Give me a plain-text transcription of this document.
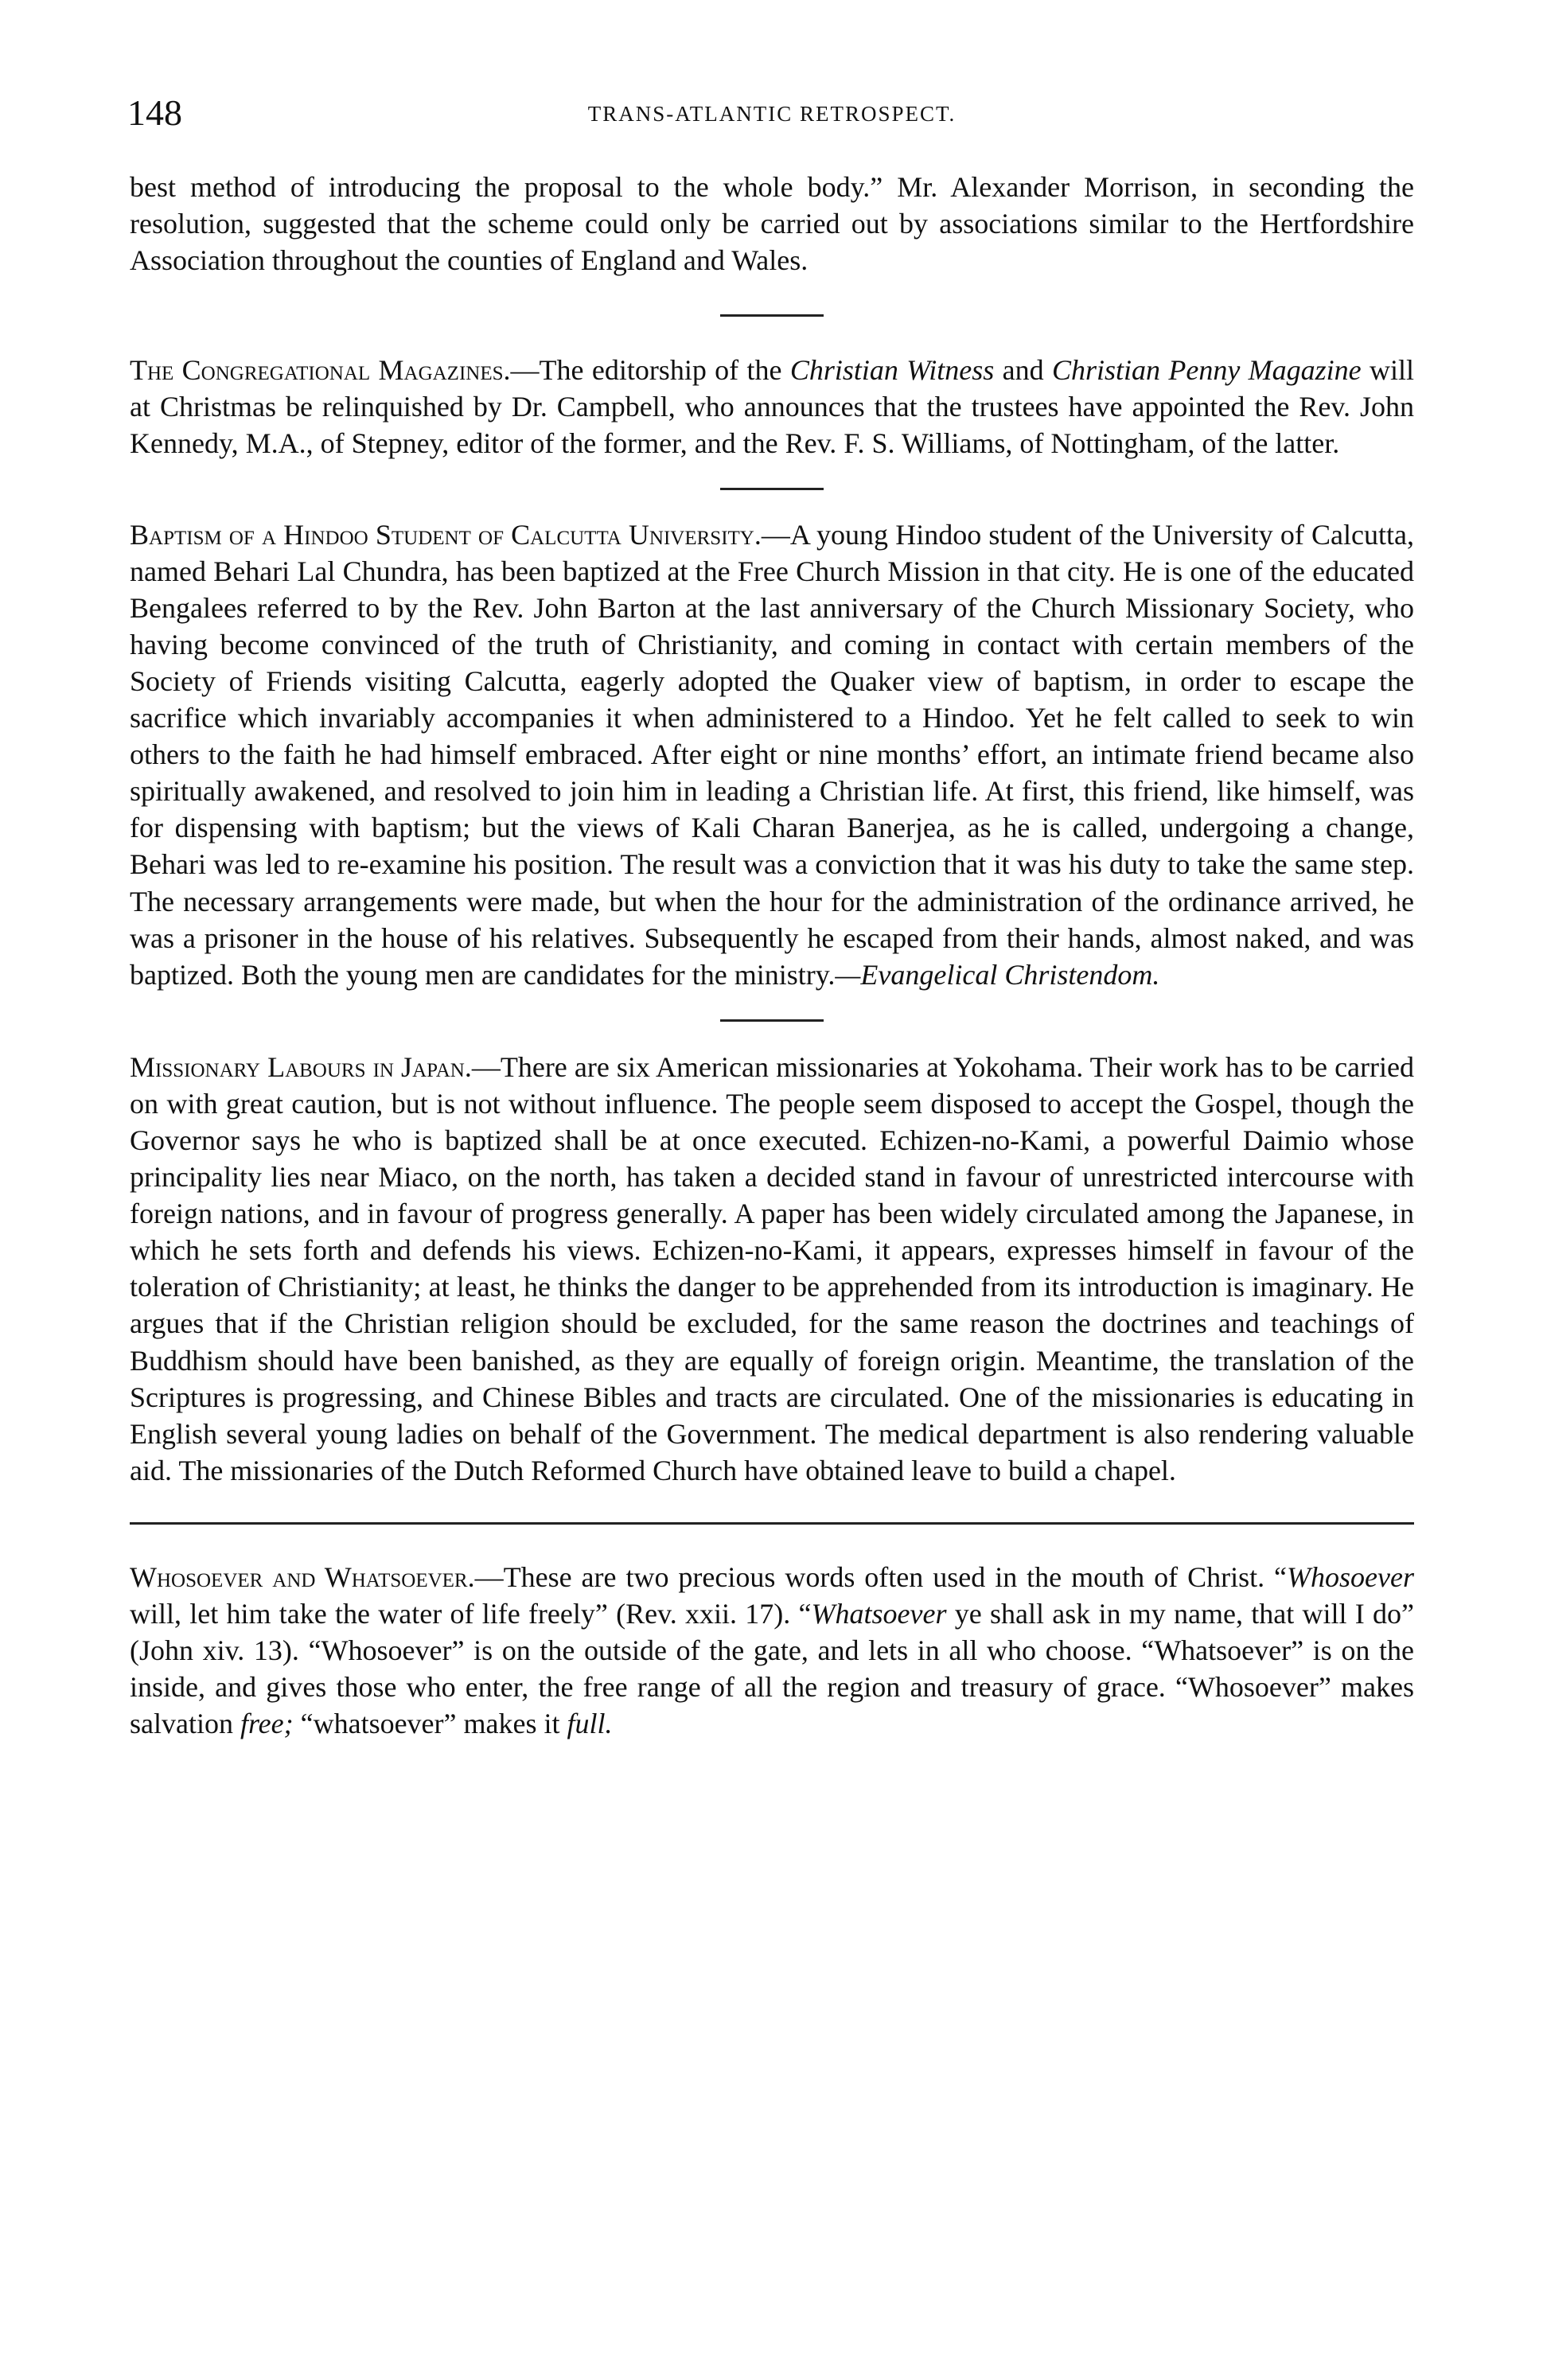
148	TRANS-ATLANTIC RETROSPECT.

best method of introducing the proposal to the whole body.” Mr. Alexander Morrison, in seconding the resolution, suggested that the scheme could only be carried out by associations similar to the Hertfordshire Association throughout the counties of England and Wales.

The Congregational Magazines.—The editorship of the Christian Witness and Christian Penny Magazine will at Christmas be relinquished by Dr. Campbell, who announces that the trustees have appointed the Rev. John Kennedy, M.A., of Stepney, editor of the former, and the Rev. F. S. Williams, of Nottingham, of the latter.

Baptism of a Hindoo Student of Calcutta University.—A young Hindoo student of the University of Calcutta, named Behari Lal Chundra, has been baptized at the Free Church Mission in that city. He is one of the educated Bengalees referred to by the Rev. John Barton at the last anniversary of the Church Missionary Society, who having become convinced of the truth of Christianity, and coming in contact with certain members of the Society of Friends visiting Calcutta, eagerly adopted the Quaker view of baptism, in order to escape the sacrifice which invariably accompanies it when administered to a Hindoo. Yet he felt called to seek to win others to the faith he had himself embraced. After eight or nine months’ effort, an intimate friend became also spiritually awakened, and resolved to join him in leading a Christian life. At first, this friend, like himself, was for dispensing with baptism; but the views of Kali Charan Banerjea, as he is called, undergoing a change, Behari was led to re-examine his position. The result was a conviction that it was his duty to take the same step. The necessary arrangements were made, but when the hour for the administration of the ordinance arrived, he was a prisoner in the house of his relatives. Subsequently he escaped from their hands, almost naked, and was baptized. Both the young men are candidates for the ministry.—Evangelical Christendom.

Missionary Labours in Japan.—There are six American missionaries at Yokohama. Their work has to be carried on with great caution, but is not without influence. The people seem disposed to accept the Gospel, though the Governor says he who is baptized shall be at once executed. Echizen-no-Kami, a powerful Daimio whose principality lies near Miaco, on the north, has taken a decided stand in favour of unrestricted intercourse with foreign nations, and in favour of progress generally. A paper has been widely circulated among the Japanese, in which he sets forth and defends his views. Echizen-no-Kami, it appears, expresses himself in favour of the toleration of Christianity; at least, he thinks the danger to be apprehended from its introduction is imaginary. He argues that if the Christian religion should be excluded, for the same reason the doctrines and teachings of Buddhism should have been banished, as they are equally of foreign origin. Meantime, the translation of the Scriptures is progressing, and Chinese Bibles and tracts are circulated. One of the missionaries is educating in English several young ladies on behalf of the Government. The medical department is also rendering valuable aid. The missionaries of the Dutch Reformed Church have obtained leave to build a chapel.

Whosoever and Whatsoever.—These are two precious words often used in the mouth of Christ. “Whosoever will, let him take the water of life freely” (Rev. xxii. 17). “Whatsoever ye shall ask in my name, that will I do” (John xiv. 13). “Whosoever” is on the outside of the gate, and lets in all who choose. “Whatsoever” is on the inside, and gives those who enter, the free range of all the region and treasury of grace. “Whosoever” makes salvation free; “whatsoever” makes it full.
